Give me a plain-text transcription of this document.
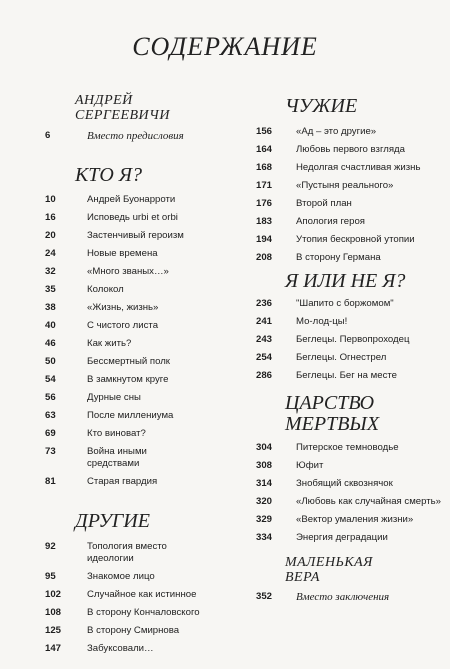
СОДЕРЖАНИЕ
АНДРЕЙ
СЕРГЕЕВИЧИ
6	Вместо предисловия
КТО Я?
10	Андрей Буонарроти
16	Исповедь urbi et orbi
20	Застенчивый героизм
24	Новые времена
32	«Много званых…»
35	Колокол
38	«Жизнь, жизнь»
40	С чистого листа
46	Как жить?
50	Бессмертный полк
54	В замкнутом круге
56	Дурные сны
63	После миллениума
69	Кто виноват?
73	Война иными средствами
81	Старая гвардия
ДРУГИЕ
92	Топология вместо идеологии
95	Знакомое лицо
102	Случайное как истинное
108	В сторону Кончаловского
125	В сторону Смирнова
147	Забуксовали…
ЧУЖИЕ
156	«Ад – это другие»
164	Любовь первого взгляда
168	Недолгая счастливая жизнь
171	«Пустыня реального»
176	Второй план
183	Апология героя
194	Утопия бескровной утопии
208	В сторону Германа
Я ИЛИ НЕ Я?
236	"Шапито с боржомом"
241	Мо-лод-цы!
243	Беглецы. Первопроходец
254	Беглецы. Огнестрел
286	Беглецы. Бег на месте
ЦАРСТВО
МЕРТВЫХ
304	Питерское темноводье
308	Юфит
314	Знобящий сквознячок
320	«Любовь как случайная смерть»
329	«Вектор умаления жизни»
334	Энергия деградации
МАЛЕНЬКАЯ
ВЕРА
352	Вместо заключения
